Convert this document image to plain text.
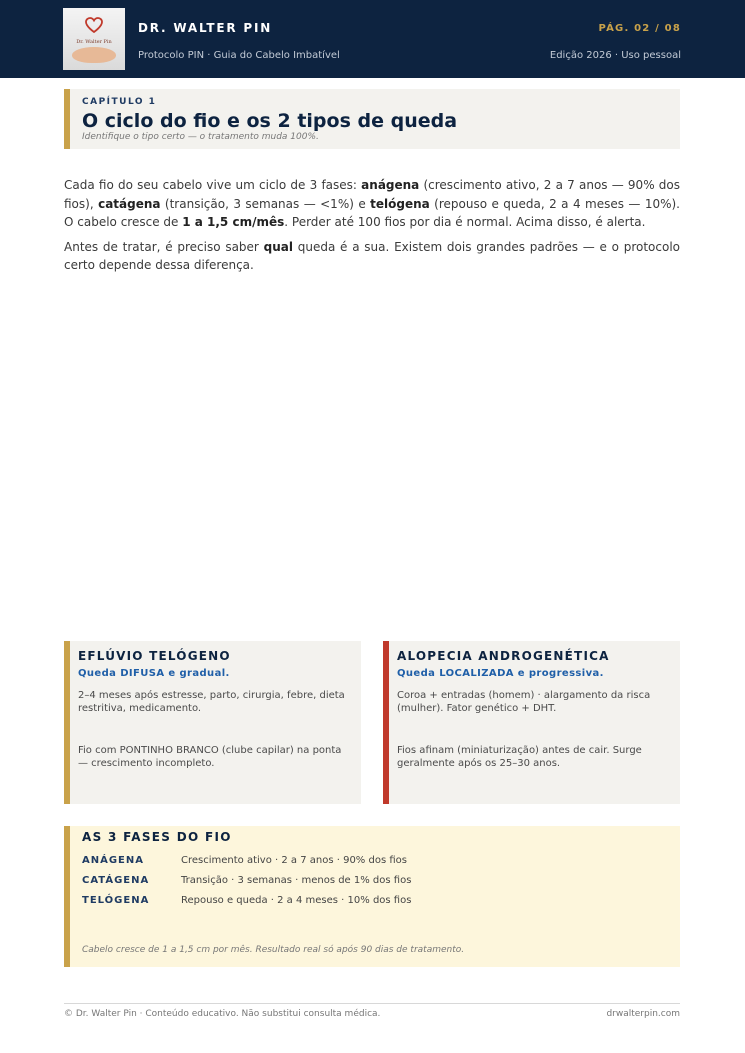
Dr. Walter Pin
DR. WALTER PIN
Protocolo PIN · Guia do Cabelo Imbatível
PÁG. 02 / 08
Edição 2026 · Uso pessoal
CAPÍTULO 1
O ciclo do fio e os 2 tipos de queda
Identifique o tipo certo — o tratamento muda 100%.

Cada fio do seu cabelo vive um ciclo de 3 fases: anágena (crescimento ativo, 2 a 7 anos — 90% dos fios), catágena (transição, 3 semanas — <1%) e telógena (repouso e queda, 2 a 4 meses — 10%). O cabelo cresce de 1 a 1,5 cm/mês. Perder até 100 fios por dia é normal. Acima disso, é alerta.

Antes de tratar, é preciso saber qual queda é a sua. Existem dois grandes padrões — e o protocolo certo depende dessa diferença.

EFLÚVIO TELÓGENO
Queda DIFUSA e gradual.
2–4 meses após estresse, parto, cirurgia, febre, dieta restritiva, medicamento.
Fio com PONTINHO BRANCO (clube capilar) na ponta — crescimento incompleto.
ALOPECIA ANDROGENÉTICA
Queda LOCALIZADA e progressiva.
Coroa + entradas (homem) · alargamento da risca (mulher). Fator genético + DHT.
Fios afinam (miniaturização) antes de cair. Surge geralmente após os 25–30 anos.
AS 3 FASES DO FIO
ANÁGENA	Crescimento ativo · 2 a 7 anos · 90% dos fios
CATÁGENA	Transição · 3 semanas · menos de 1% dos fios
TELÓGENA	Repouso e queda · 2 a 4 meses · 10% dos fios
Cabelo cresce de 1 a 1,5 cm por mês. Resultado real só após 90 dias de tratamento.
© Dr. Walter Pin · Conteúdo educativo. Não substitui consulta médica.	drwalterpin.com
